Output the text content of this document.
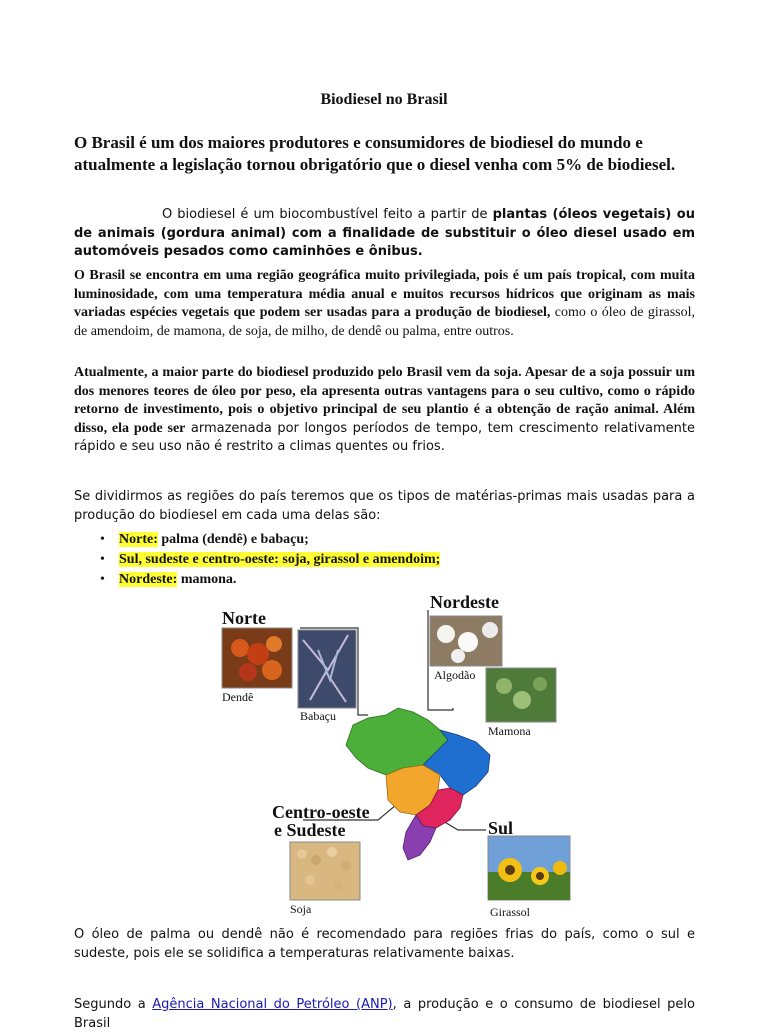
Biodiesel no Brasil
O Brasil é um dos maiores produtores e consumidores de biodiesel do mundo e atualmente a legislação tornou obrigatório que o diesel venha com 5% de biodiesel.
O biodiesel é um biocombustível feito a partir de plantas (óleos vegetais) ou de animais (gordura animal) com a finalidade de substituir o óleo diesel usado em automóveis pesados como caminhões e ônibus.
O Brasil se encontra em uma região geográfica muito privilegiada, pois é um país tropical, com muita luminosidade, com uma temperatura média anual e muitos recursos hídricos que originam as mais variadas espécies vegetais que podem ser usadas para a produção de biodiesel, como o óleo de girassol, de amendoim, de mamona, de soja, de milho, de dendê ou palma, entre outros.
Atualmente, a maior parte do biodiesel produzido pelo Brasil vem da soja. Apesar de a soja possuir um dos menores teores de óleo por peso, ela apresenta outras vantagens para o seu cultivo, como o rápido retorno de investimento, pois o objetivo principal de seu plantio é a obtenção de ração animal. Além disso, ela pode ser armazenada por longos períodos de tempo, tem crescimento relativamente rápido e seu uso não é restrito a climas quentes ou frios.
Se dividirmos as regiões do país teremos que os tipos de matérias-primas mais usadas para a produção do biodiesel em cada uma delas são:
• Norte: palma (dendê) e babaçu;
• Sul, sudeste e centro-oeste: soja, girassol e amendoim;
• Nordeste: mamona.
Norte
Nordeste
Centro-oeste
e Sudeste	Sul
Dendê
Babaçu
Algodão
Mamona
Soja	Girassol
O óleo de palma ou dendê não é recomendado para regiões frias do país, como o sul e sudeste, pois ele se solidifica a temperaturas relativamente baixas.
Segundo a Agência Nacional do Petróleo (ANP), a produção e o consumo de biodiesel pelo Brasil
